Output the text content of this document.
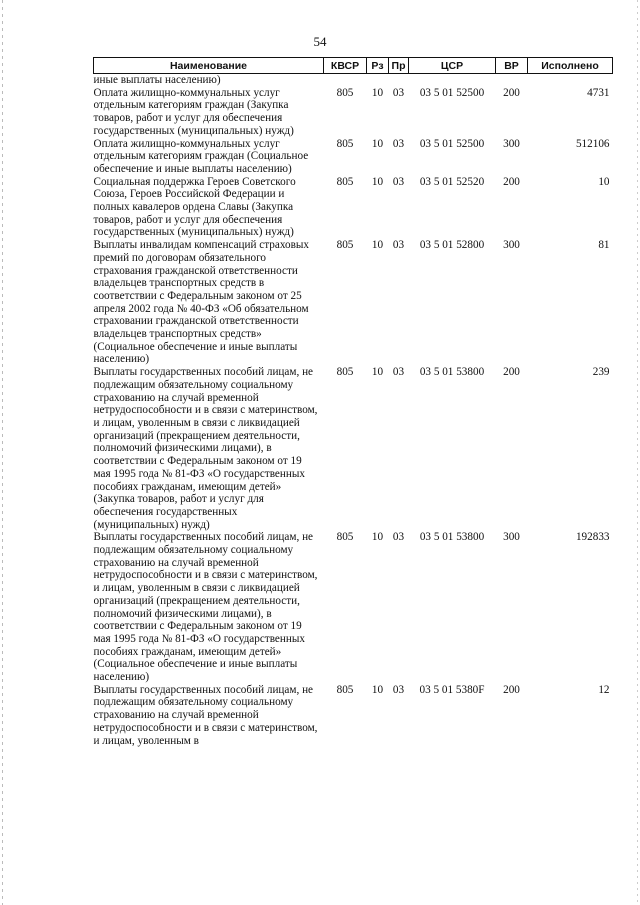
54
Наименование	КВСР	Рз	Пр	ЦСР	ВР	Исполнено
иные выплаты населению)						
Оплата жилищно-коммунальных услуг отдельным категориям граждан (Закупка товаров, работ и услуг для обеспечения государственных (муниципальных) нужд)	805	10	03	03 5 01 52500	200	4731
Оплата жилищно-коммунальных услуг отдельным категориям граждан (Социальное обеспечение и иные выплаты населению)	805	10	03	03 5 01 52500	300	512106
Социальная поддержка Героев Советского Союза, Героев Российской Федерации и полных кавалеров ордена Славы (Закупка товаров, работ и услуг для обеспечения государственных (муниципальных) нужд)	805	10	03	03 5 01 52520	200	10
Выплаты инвалидам компенсаций страховых премий по договорам обязательного страхования гражданской ответственности владельцев транспортных средств в соответствии с Федеральным законом от 25 апреля 2002 года № 40-ФЗ «Об обязательном страховании гражданской ответственности владельцев транспортных средств» (Социальное обеспечение и иные выплаты населению)	805	10	03	03 5 01 52800	300	81
Выплаты государственных пособий лицам, не подлежащим обязательному социальному страхованию на случай временной нетрудоспособности и в связи с материнством, и лицам, уволенным в связи с ликвидацией организаций (прекращением деятельности, полномочий физическими лицами), в соответствии с Федеральным законом от 19 мая 1995 года № 81-ФЗ «О государственных пособиях гражданам, имеющим детей» (Закупка товаров, работ и услуг для обеспечения государственных (муниципальных) нужд)	805	10	03	03 5 01 53800	200	239
Выплаты государственных пособий лицам, не подлежащим обязательному социальному страхованию на случай временной нетрудоспособности и в связи с материнством, и лицам, уволенным в связи с ликвидацией организаций (прекращением деятельности, полномочий физическими лицами), в соответствии с Федеральным законом от 19 мая 1995 года № 81-ФЗ «О государственных пособиях гражданам, имеющим детей» (Социальное обеспечение и иные выплаты населению)	805	10	03	03 5 01 53800	300	192833
Выплаты государственных пособий лицам, не подлежащим обязательному социальному страхованию на случай временной нетрудоспособности и в связи с материнством, и лицам, уволенным в	805	10	03	03 5 01 5380F	200	12
